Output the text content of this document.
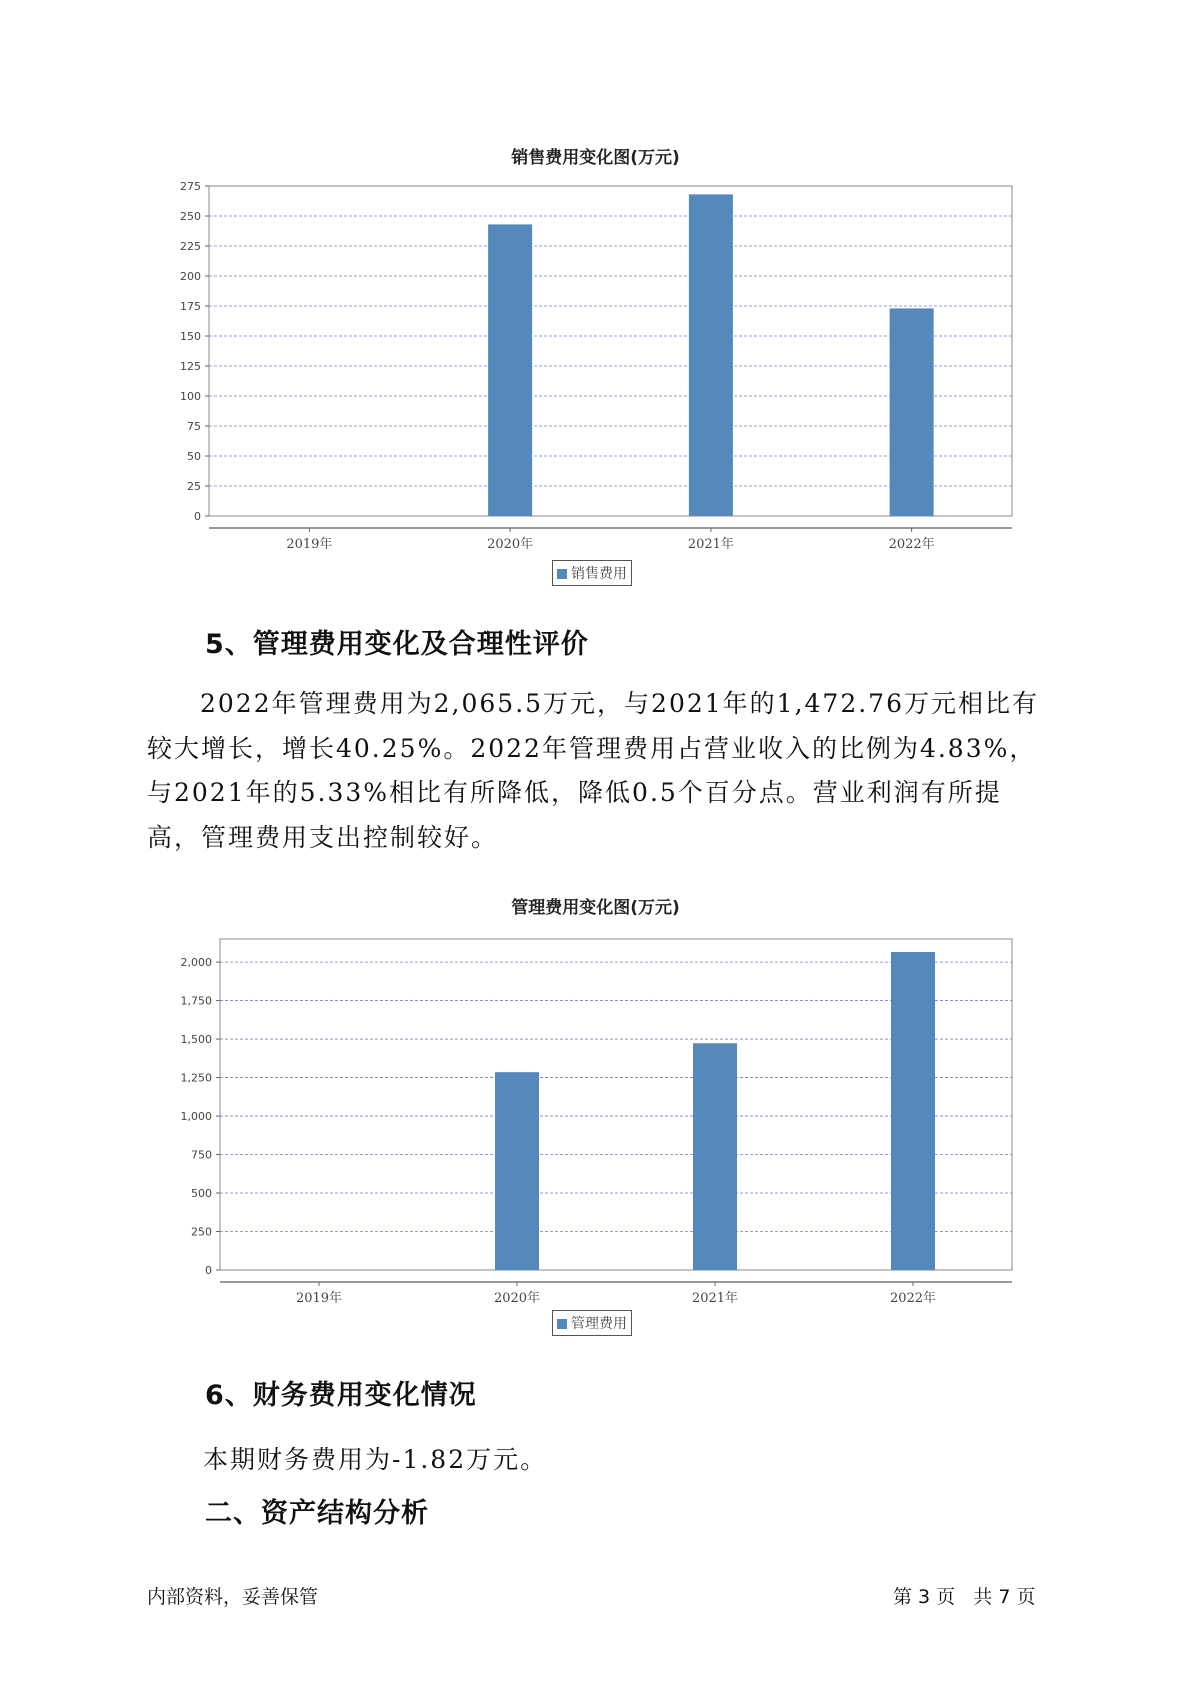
销售费用变化图(万元)
0
25
50
75
100
125
150
175
200
225
250
275
2019年	2020年	2021年	2022年
销售费用
5、管理费用变化及合理性评价

2022年管理费用为2,065.5万元，与2021年的1,472.76万元相比有较大增长，增长40.25%。2022年管理费用占营业收入的比例为4.83%，与2021年的5.33%相比有所降低，降低0.5个百分点。营业利润有所提高，管理费用支出控制较好。

管理费用变化图(万元)
0
250
500
750
1,000
1,250
1,500
1,750
2,000
2019年	2020年	2021年	2022年
管理费用
6、财务费用变化情况

本期财务费用为-1.82万元。

二、资产结构分析
内部资料，妥善保管	第 3 页   共 7 页
